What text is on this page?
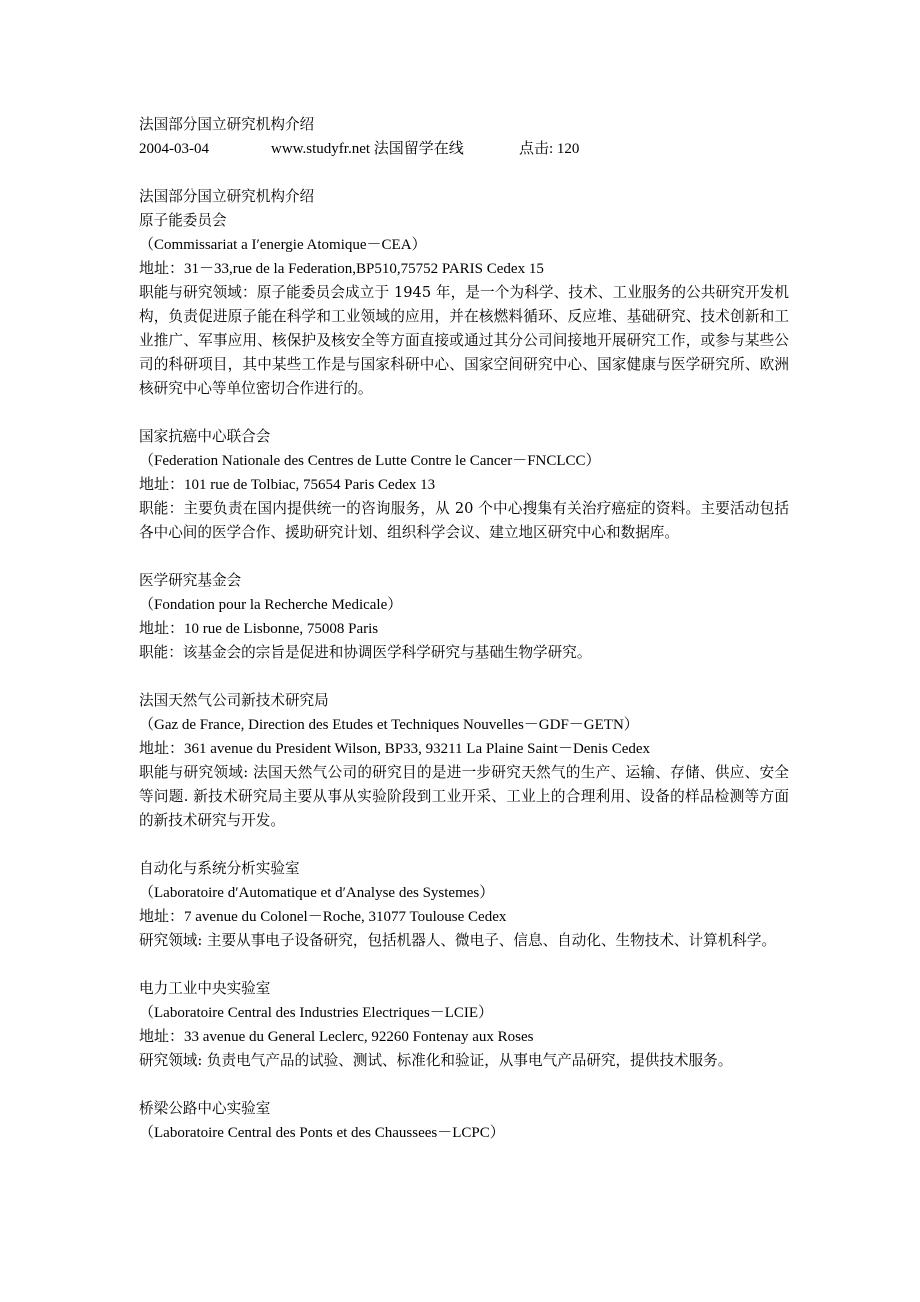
法国部分国立研究机构介绍
2004-03-04	www.studyfr.net 法国留学在线	点击: 120
法国部分国立研究机构介绍
原子能委员会
（Commissariat a I′energie Atomique－CEA）
地址：31－33,rue de la Federation,BP510,75752 PARIS Cedex 15
职能与研究领域：原子能委员会成立于 1945 年，是一个为科学、技术、工业服务的公共研究开发机构，负责促进原子能在科学和工业领域的应用，并在核燃料循环、反应堆、基础研究、技术创新和工业推广、军事应用、核保护及核安全等方面直接或通过其分公司间接地开展研究工作，或参与某些公司的科研项目，其中某些工作是与国家科研中心、国家空间研究中心、国家健康与医学研究所、欧洲核研究中心等单位密切合作进行的。
国家抗癌中心联合会
（Federation Nationale des Centres de Lutte Contre le Cancer－FNCLCC）
地址：101 rue de Tolbiac, 75654 Paris Cedex 13
职能：主要负责在国内提供统一的咨询服务，从 20 个中心搜集有关治疗癌症的资料。主要活动包括各中心间的医学合作、援助研究计划、组织科学会议、建立地区研究中心和数据库。
医学研究基金会
（Fondation pour la Recherche Medicale）
地址：10 rue de Lisbonne, 75008 Paris
职能：该基金会的宗旨是促进和协调医学科学研究与基础生物学研究。
法国天然气公司新技术研究局
（Gaz de France, Direction des Etudes et Techniques Nouvelles－GDF－GETN）
地址：361 avenue du President Wilson, BP33, 93211 La Plaine Saint－Denis Cedex
职能与研究领域: 法国天然气公司的研究目的是进一步研究天然气的生产、运输、存储、供应、安全等问题. 新技术研究局主要从事从实验阶段到工业开采、工业上的合理利用、设备的样品检测等方面的新技术研究与开发。
自动化与系统分析实验室
（Laboratoire d′Automatique et d′Analyse des Systemes）
地址：7 avenue du Colonel－Roche, 31077 Toulouse Cedex
研究领域: 主要从事电子设备研究，包括机器人、微电子、信息、自动化、生物技术、计算机科学。
电力工业中央实验室
（Laboratoire Central des Industries Electriques－LCIE）
地址：33 avenue du General Leclerc, 92260 Fontenay aux Roses
研究领域: 负责电气产品的试验、测试、标准化和验证，从事电气产品研究，提供技术服务。
桥梁公路中心实验室
（Laboratoire Central des Ponts et des Chaussees－LCPC）
